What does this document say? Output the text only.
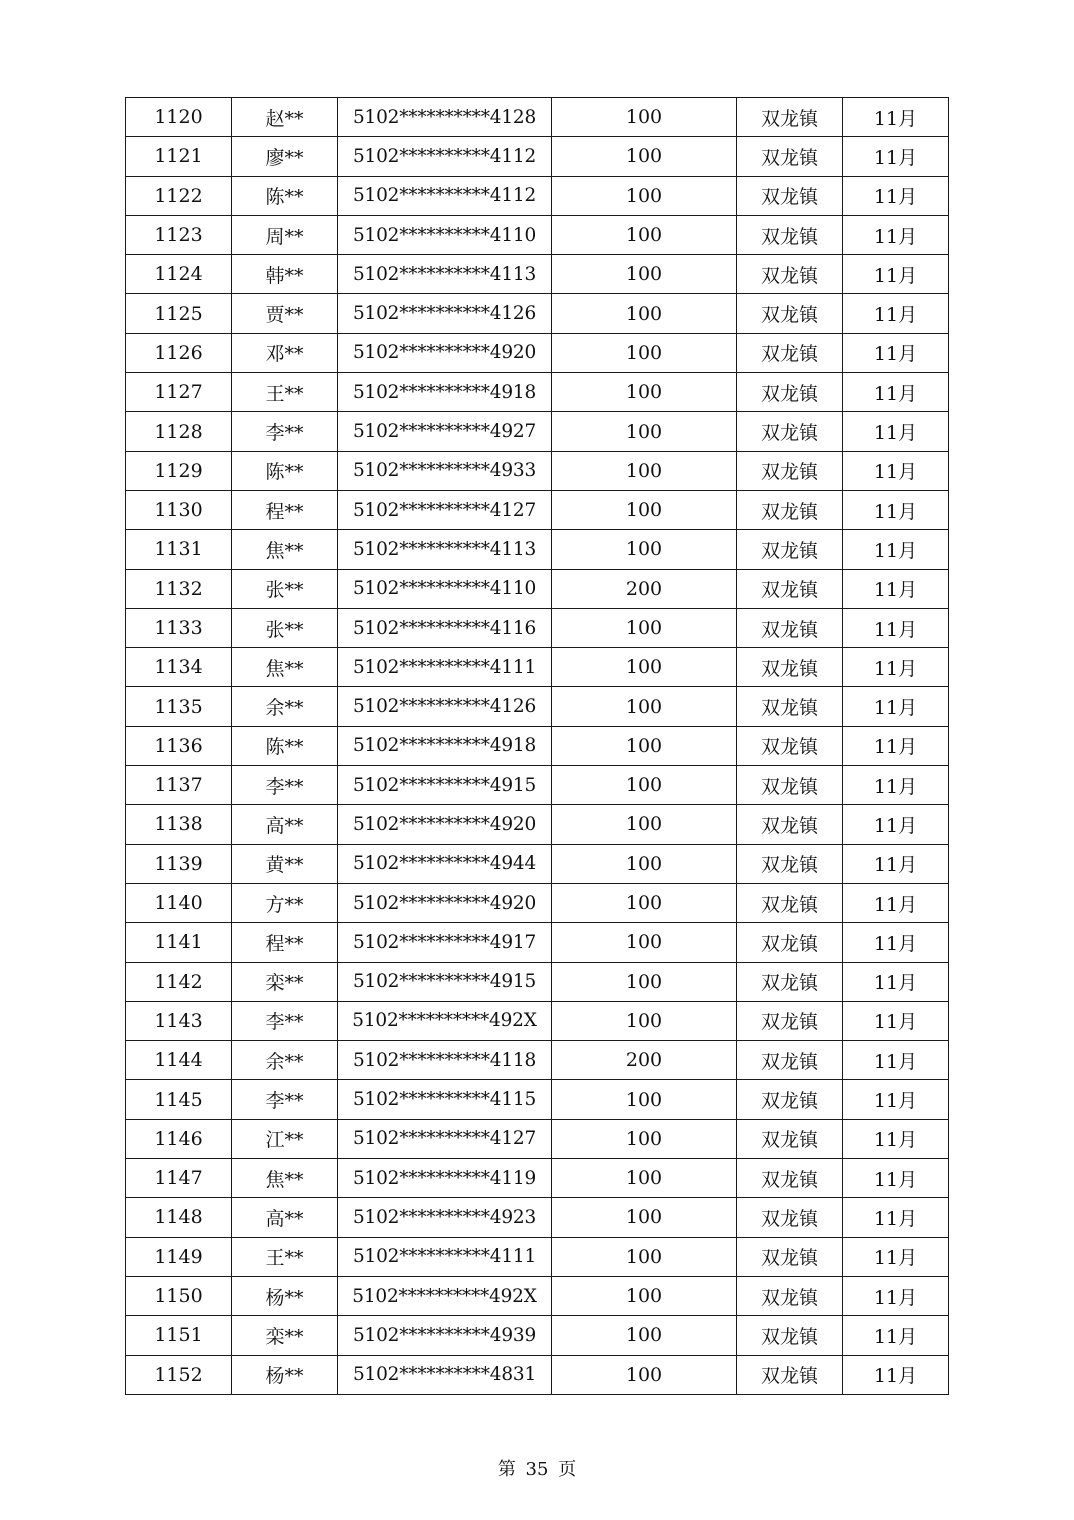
1120	赵**	5102**********4128	100	双龙镇	11月
1121	廖**	5102**********4112	100	双龙镇	11月
1122	陈**	5102**********4112	100	双龙镇	11月
1123	周**	5102**********4110	100	双龙镇	11月
1124	韩**	5102**********4113	100	双龙镇	11月
1125	贾**	5102**********4126	100	双龙镇	11月
1126	邓**	5102**********4920	100	双龙镇	11月
1127	王**	5102**********4918	100	双龙镇	11月
1128	李**	5102**********4927	100	双龙镇	11月
1129	陈**	5102**********4933	100	双龙镇	11月
1130	程**	5102**********4127	100	双龙镇	11月
1131	焦**	5102**********4113	100	双龙镇	11月
1132	张**	5102**********4110	200	双龙镇	11月
1133	张**	5102**********4116	100	双龙镇	11月
1134	焦**	5102**********4111	100	双龙镇	11月
1135	余**	5102**********4126	100	双龙镇	11月
1136	陈**	5102**********4918	100	双龙镇	11月
1137	李**	5102**********4915	100	双龙镇	11月
1138	高**	5102**********4920	100	双龙镇	11月
1139	黄**	5102**********4944	100	双龙镇	11月
1140	方**	5102**********4920	100	双龙镇	11月
1141	程**	5102**********4917	100	双龙镇	11月
1142	栾**	5102**********4915	100	双龙镇	11月
1143	李**	5102**********492X	100	双龙镇	11月
1144	余**	5102**********4118	200	双龙镇	11月
1145	李**	5102**********4115	100	双龙镇	11月
1146	江**	5102**********4127	100	双龙镇	11月
1147	焦**	5102**********4119	100	双龙镇	11月
1148	高**	5102**********4923	100	双龙镇	11月
1149	王**	5102**********4111	100	双龙镇	11月
1150	杨**	5102**********492X	100	双龙镇	11月
1151	栾**	5102**********4939	100	双龙镇	11月
1152	杨**	5102**********4831	100	双龙镇	11月
第 35 页
